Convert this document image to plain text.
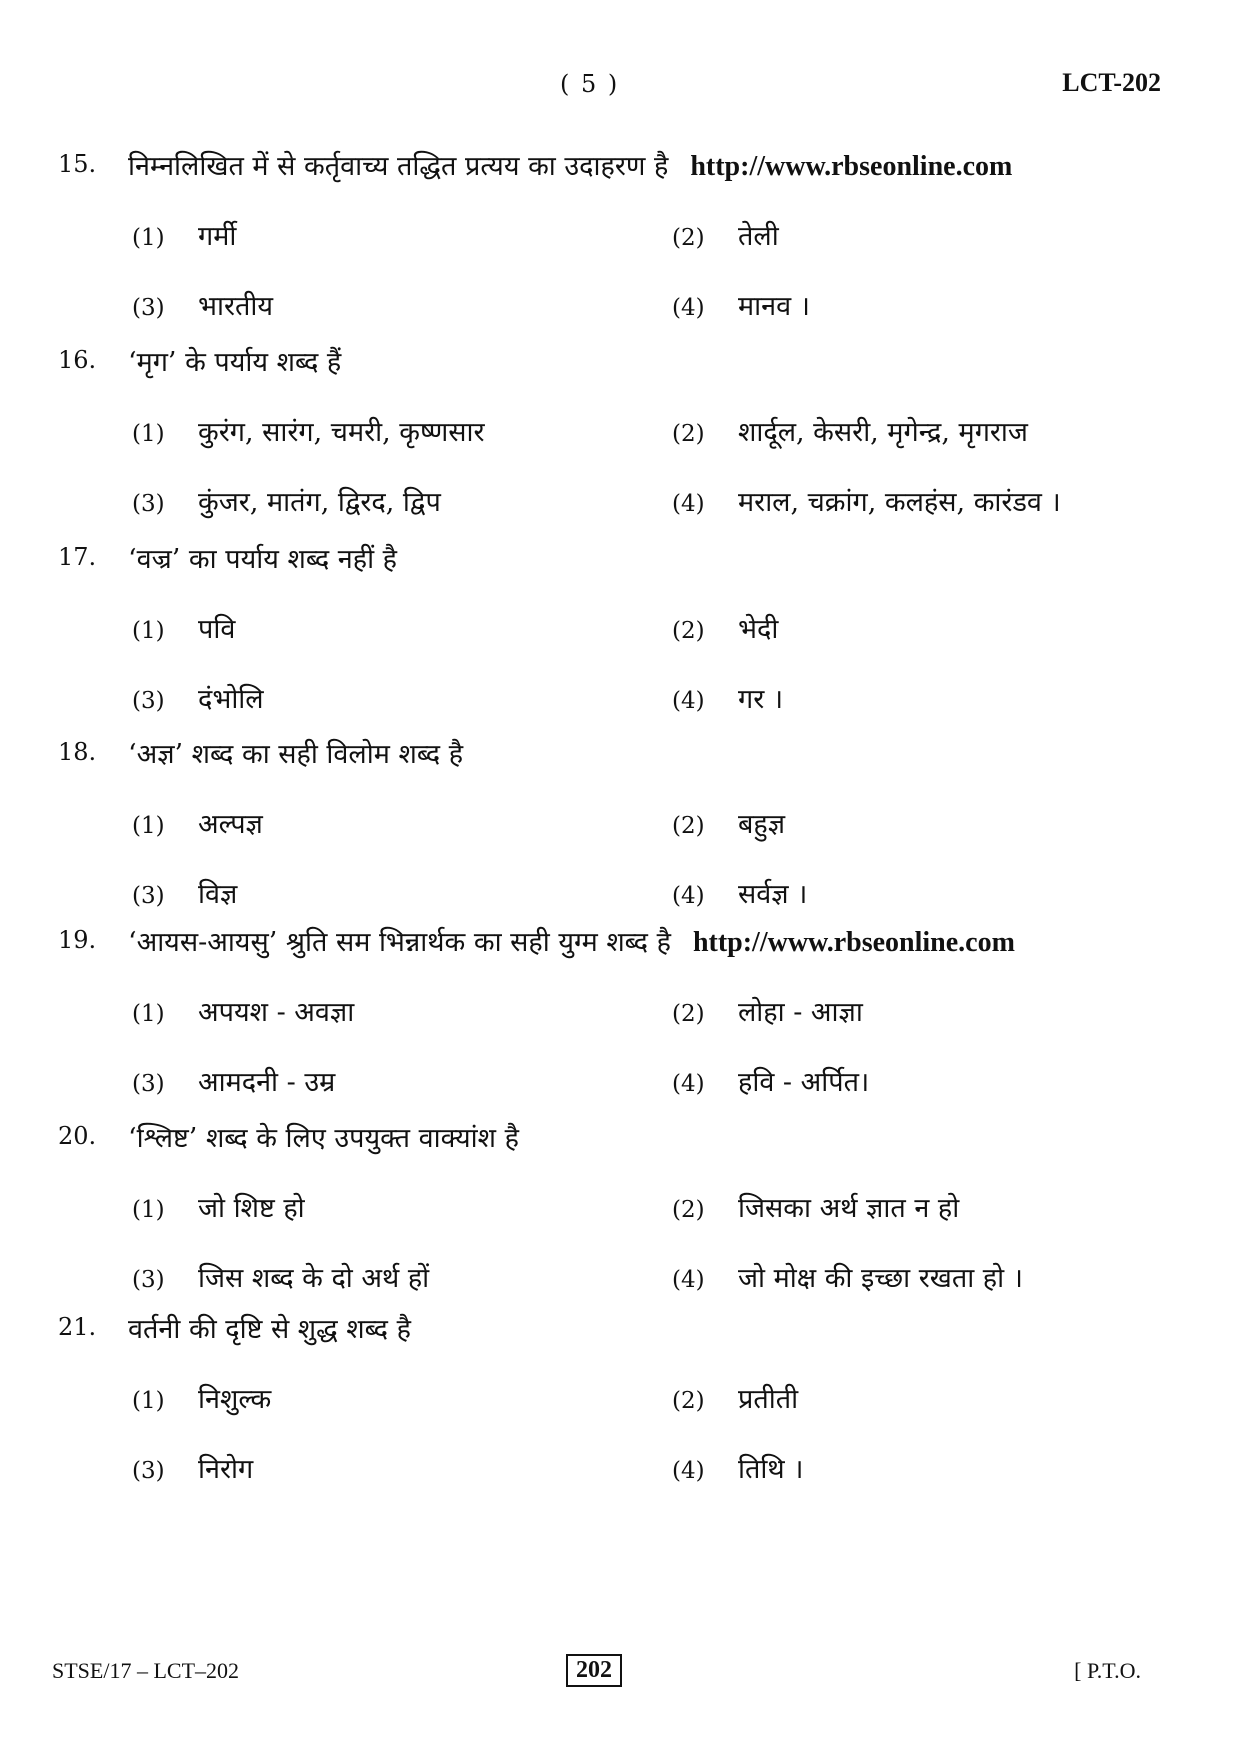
( 5 )	LCT-202
15. निम्नलिखित में से कर्तृवाच्य तद्धित प्रत्यय का उदाहरण है http://www.rbseonline.com
(1) गर्मी	(2) तेली
(3) भारतीय	(4) मानव ।
16. ‘मृग’ के पर्याय शब्द हैं
(1) कुरंग, सारंग, चमरी, कृष्णसार	(2) शार्दूल, केसरी, मृगेन्द्र, मृगराज
(3) कुंजर, मातंग, द्विरद, द्विप	(4) मराल, चक्रांग, कलहंस, कारंडव ।
17. ‘वज्र’ का पर्याय शब्द नहीं है
(1) पवि	(2) भेदी
(3) दंभोलि	(4) गर ।
18. ‘अज्ञ’ शब्द का सही विलोम शब्द है
(1) अल्पज्ञ	(2) बहुज्ञ
(3) विज्ञ	(4) सर्वज्ञ ।
19. ‘आयस-आयसु’ श्रुति सम भिन्नार्थक का सही युग्म शब्द है http://www.rbseonline.com
(1) अपयश - अवज्ञा	(2) लोहा - आज्ञा
(3) आमदनी - उम्र	(4) हवि - अर्पित।
20. ‘श्लिष्ट’ शब्द के लिए उपयुक्त वाक्यांश है
(1) जो शिष्ट हो	(2) जिसका अर्थ ज्ञात न हो
(3) जिस शब्द के दो अर्थ हों	(4) जो मोक्ष की इच्छा रखता हो ।
21. वर्तनी की दृष्टि से शुद्ध शब्द है
(1) निशुल्क	(2) प्रतीती
(3) निरोग	(4) तिथि ।
STSE/17 – LCT–202	202	[ P.T.O.
